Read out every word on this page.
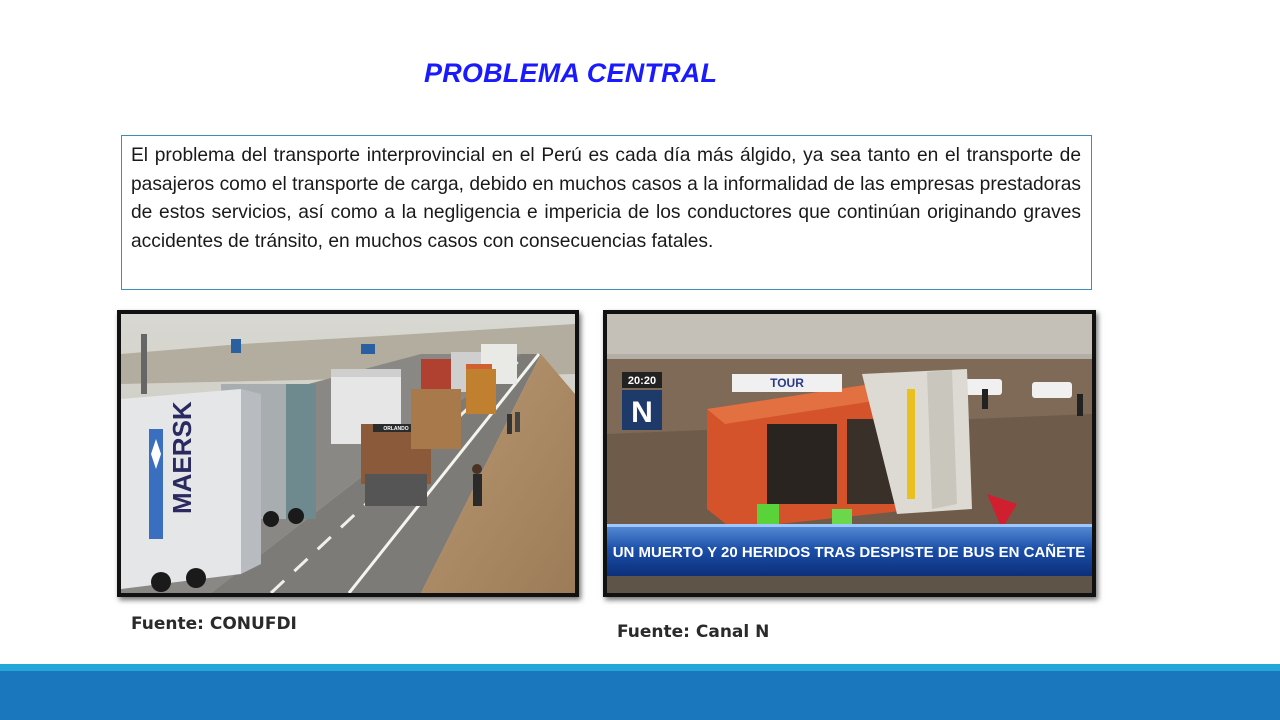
PROBLEMA CENTRAL
El problema del transporte interprovincial en el Perú es cada día más álgido, ya sea tanto en el transporte de pasajeros como el transporte de carga, debido en muchos casos a la informalidad de las empresas prestadoras de estos servicios, así como a la negligencia e impericia de los conductores que continúan originando graves accidentes de tránsito, en muchos casos con consecuencias fatales.
ORLANDO
MAERSK
TOUR
20:20
N
UN MUERTO Y 20 HERIDOS TRAS DESPISTE DE BUS EN CAÑETE
Fuente: CONUFDI	Fuente: Canal N
